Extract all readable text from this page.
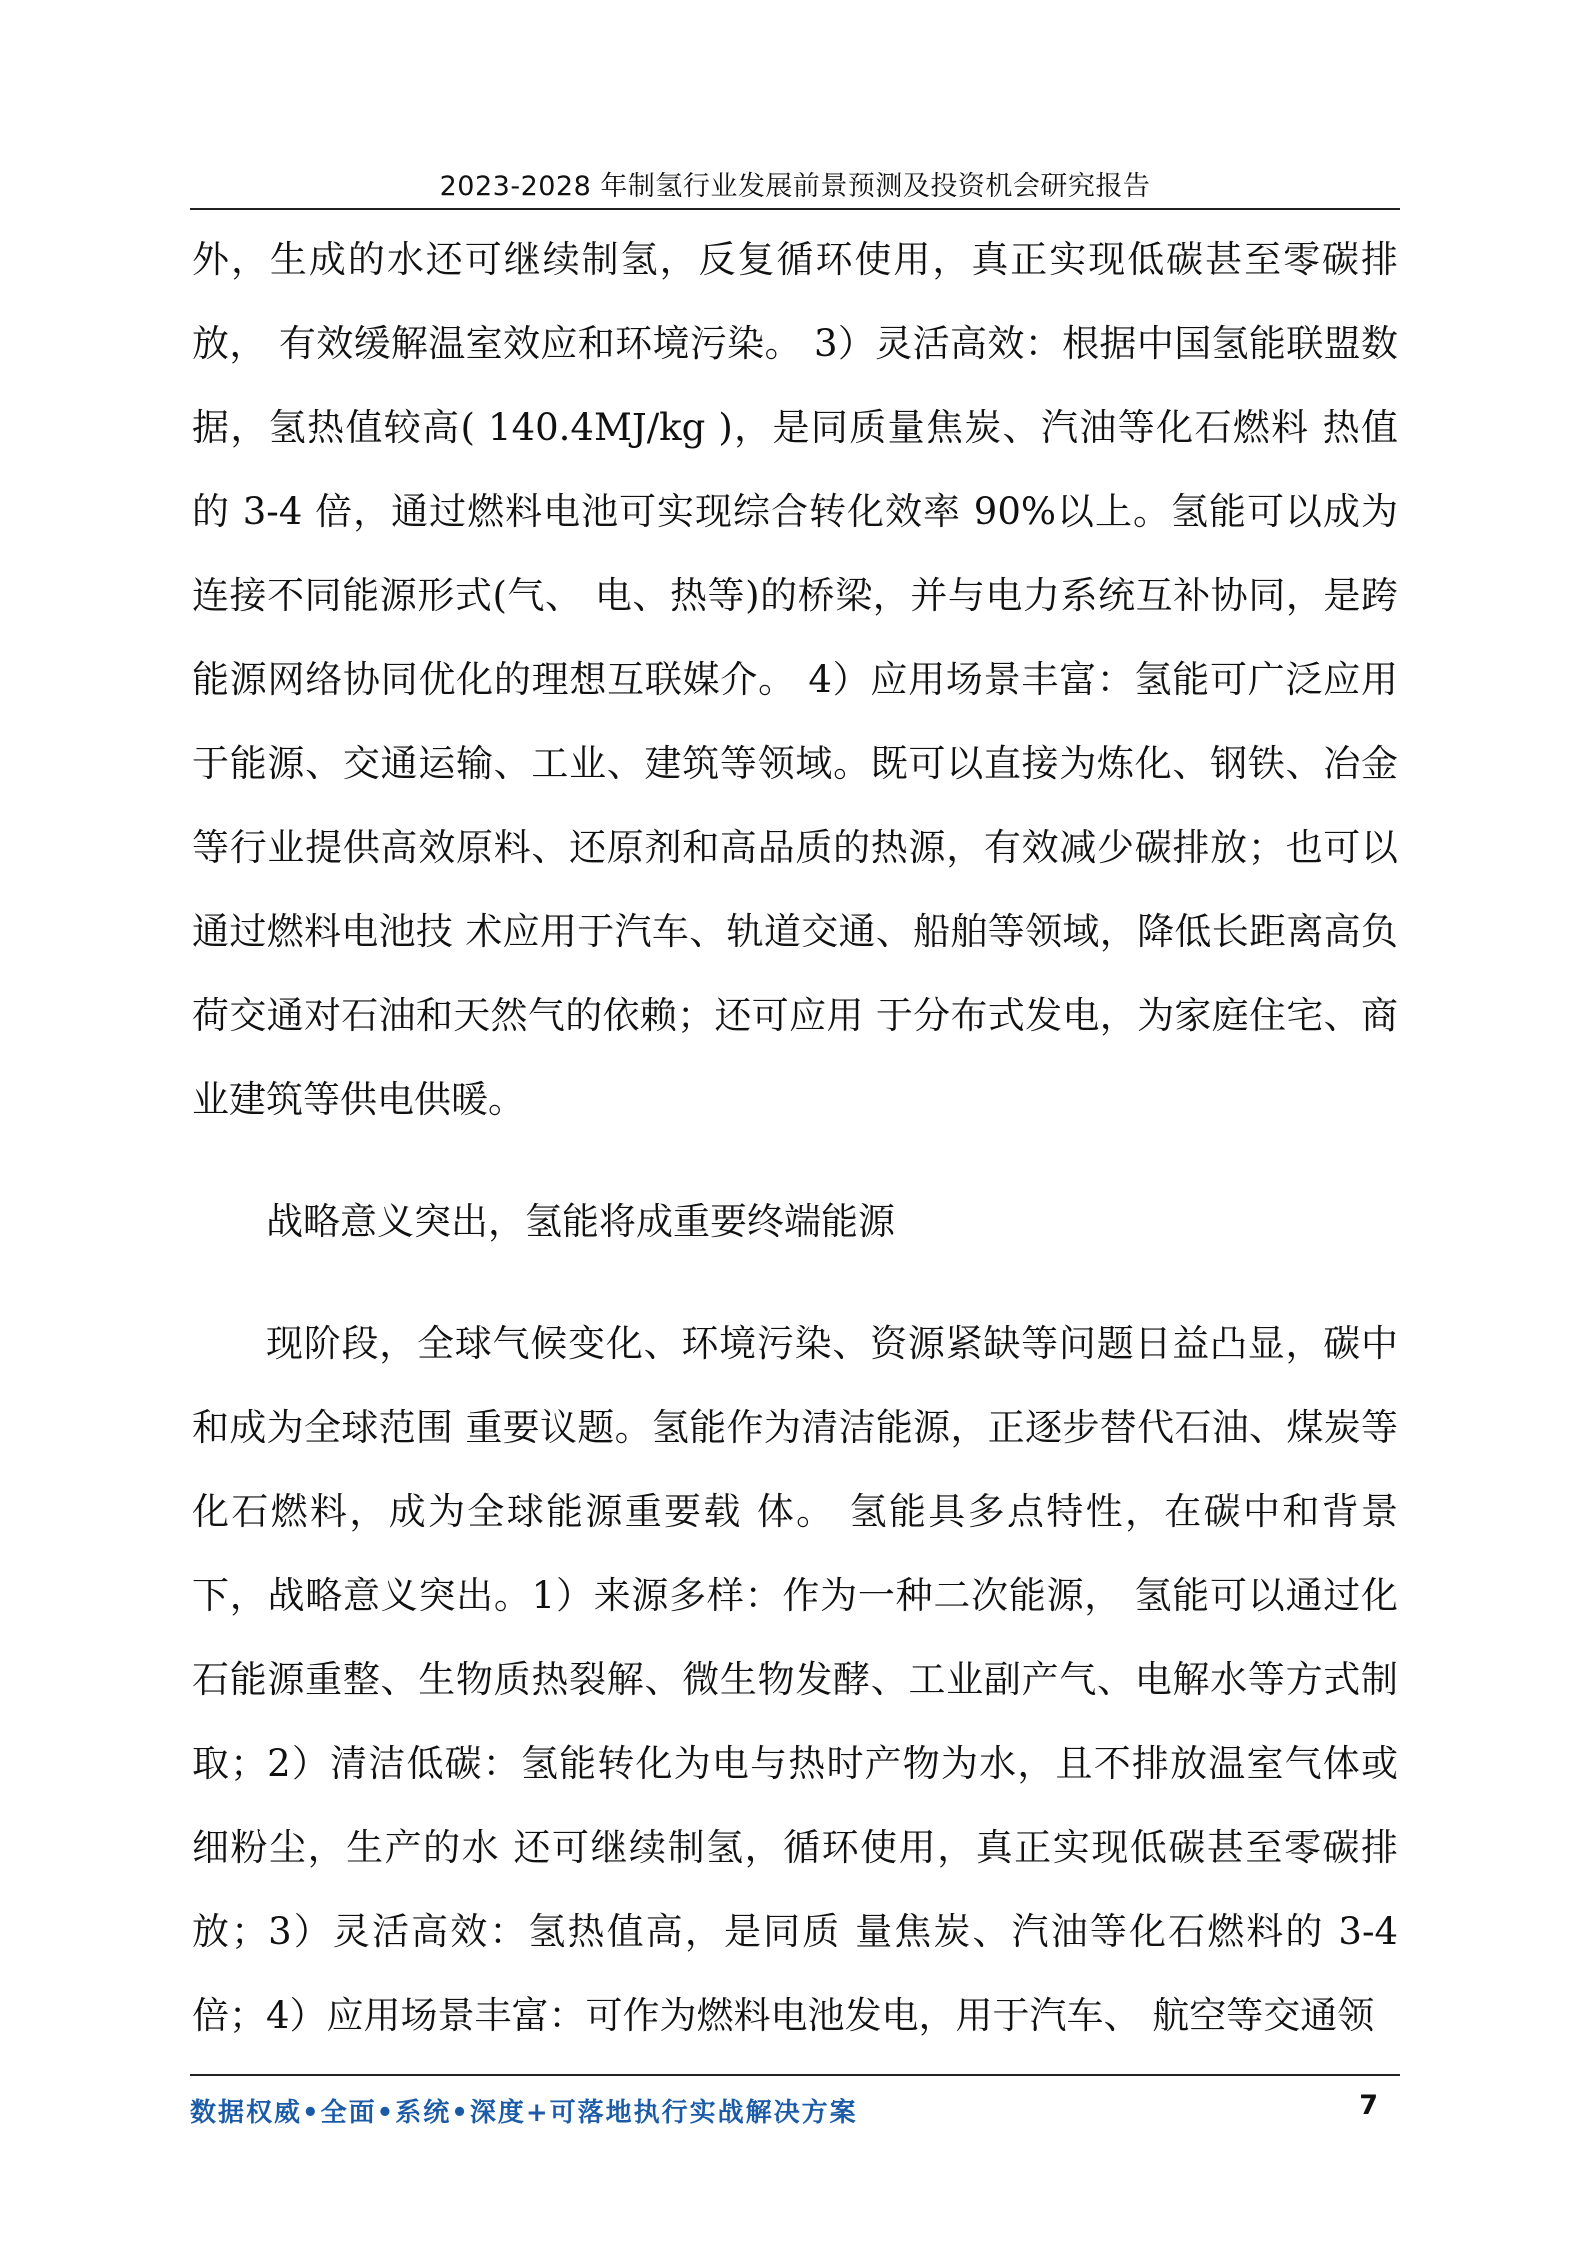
2023-2028 年制氢行业发展前景预测及投资机会研究报告

外，生成的水还可继续制氢，反复循环使用，真正实现低碳甚至零碳排放， 有效缓解温室效应和环境污染。 3）灵活高效：根据中国氢能联盟数据，氢热值较高( 140.4MJ/kg )，是同质量焦炭、汽油等化石燃料 热值的 3-4 倍，通过燃料电池可实现综合转化效率 90%以上。氢能可以成为连接不同能源形式(气、 电、热等)的桥梁，并与电力系统互补协同，是跨能源网络协同优化的理想互联媒介。 4）应用场景丰富：氢能可广泛应用于能源、交通运输、工业、建筑等领域。既可以直接为炼化、钢铁、冶金等行业提供高效原料、还原剂和高品质的热源，有效减少碳排放；也可以通过燃料电池技 术应用于汽车、轨道交通、船舶等领域，降低长距离高负荷交通对石油和天然气的依赖；还可应用 于分布式发电，为家庭住宅、商业建筑等供电供暖。

战略意义突出，氢能将成重要终端能源

现阶段，全球气候变化、环境污染、资源紧缺等问题日益凸显，碳中和成为全球范围 重要议题。氢能作为清洁能源，正逐步替代石油、煤炭等化石燃料，成为全球能源重要载 体。 氢能具多点特性，在碳中和背景下，战略意义突出。1）来源多样：作为一种二次能源， 氢能可以通过化石能源重整、生物质热裂解、微生物发酵、工业副产气、电解水等方式制取；2）清洁低碳：氢能转化为电与热时产物为水，且不排放温室气体或细粉尘，生产的水 还可继续制氢，循环使用，真正实现低碳甚至零碳排放；3）灵活高效：氢热值高，是同质 量焦炭、汽油等化石燃料的 3-4 倍；4）应用场景丰富：可作为燃料电池发电，用于汽车、 航空等交通领

数据权威•全面•系统•深度+可落地执行实战解决方案	7
